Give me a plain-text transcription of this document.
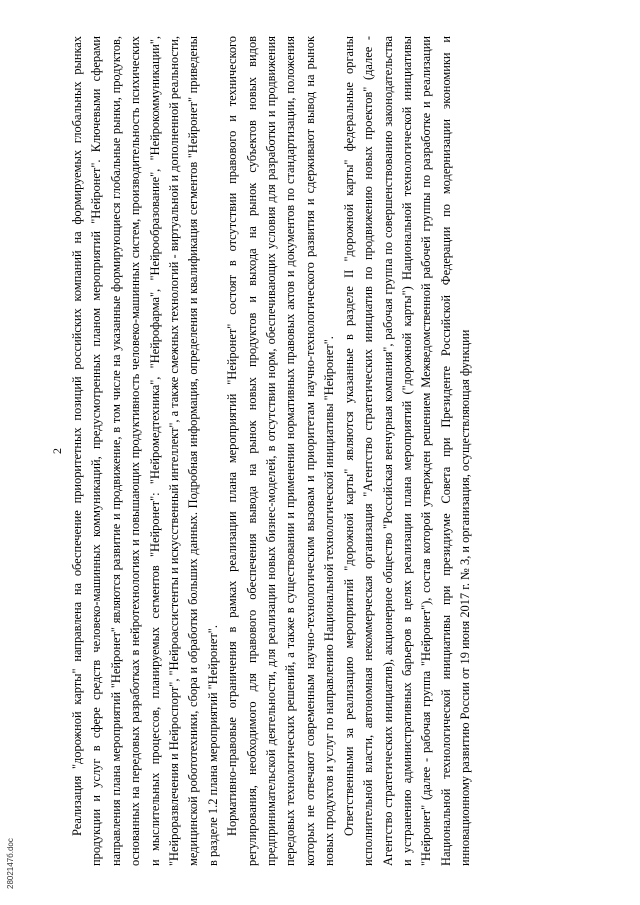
2 Реализация "дорожной карты" направлена на обеспечение приоритетных позиций российских компаний на формируемых глобальных рынках продукции и услуг в сфере средств человеко-машинных коммуникаций, предусмотренных планом мероприятий "Нейронет". Ключевыми сферами направления плана мероприятий "Нейронет" являются развитие и продвижение, в том числе на указанные формирующиеся глобальные рынки, продуктов, основанных на передовых разработках в нейротехнологиях и повышающих продуктивность человеко-машинных систем, производительность психических и мыслительных процессов, планируемых сегментов "Нейронет": "Нейромедтехника", "Нейрофарма", "Нейрообразование", "Нейрокоммуникации", "Нейроразвлечения и Нейроспорт", "Нейроассистенты и искусственный интеллект", а также смежных технологий - виртуальной и дополненной реальности, медицинской робототехники, сбора и обработки больших данных. Подробная информация, определения и квалификация сегментов "Нейронет" приведены в разделе 1.2 плана мероприятий "Нейронет". Нормативно-правовые ограничения в рамках реализации плана мероприятий "Нейронет" состоят в отсутствии правового и технического регулирования, необходимого для правового обеспечения вывода на рынок новых продуктов и выхода на рынок субъектов новых видов предпринимательской деятельности, для реализации новых бизнес-моделей, в отсутствии норм, обеспечивающих условия для разработки и продвижения передовых технологических решений, а также в существовании и применении нормативных правовых актов и документов по стандартизации, положения которых не отвечают современным научно-технологическим вызовам и приоритетам научно-технологического развития и сдерживают вывод на рынок новых продуктов и услуг по направлению Национальной технологической инициативы "Нейронет". Ответственными за реализацию мероприятий "дорожной карты" являются указанные в разделе II "дорожной карты" федеральные органы исполнительной власти, автономная некоммерческая организация "Агентство стратегических инициатив по продвижению новых проектов" (далее - Агентство стратегических инициатив), акционерное общество "Российская венчурная компания", рабочая группа по совершенствованию законодательства и устранению административных барьеров в целях реализации плана мероприятий ("дорожной карты") Национальной технологической инициативы "Нейронет" (далее - рабочая группа "Нейронет"), состав которой утвержден решением Межведомственной рабочей группы по разработке и реализации Национальной технологической инициативы при президиуме Совета при Президенте Российской Федерации по модернизации экономики и инновационному развитию России от 19 июня 2017 г. № 3, и организация, осуществляющая функции

2802147б.doc
